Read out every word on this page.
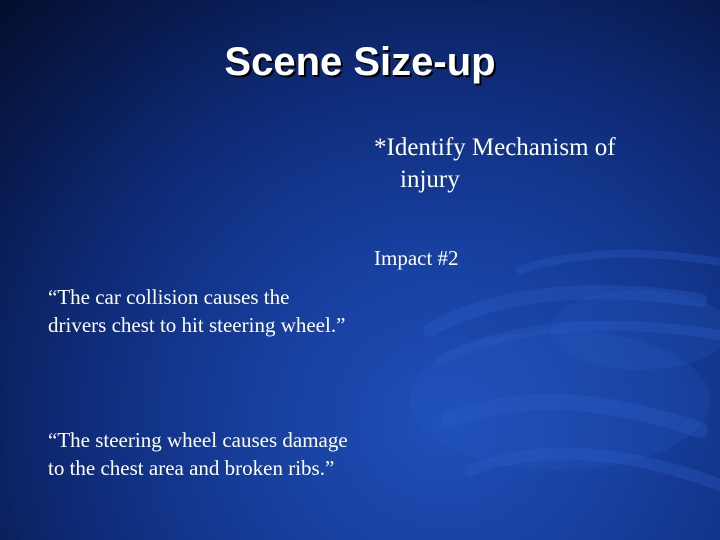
Scene Size-up
*Identify Mechanism of
injury
Impact #2
“The car collision causes the drivers chest to hit steering wheel.”
“The steering wheel causes damage to the chest area and broken ribs.”
